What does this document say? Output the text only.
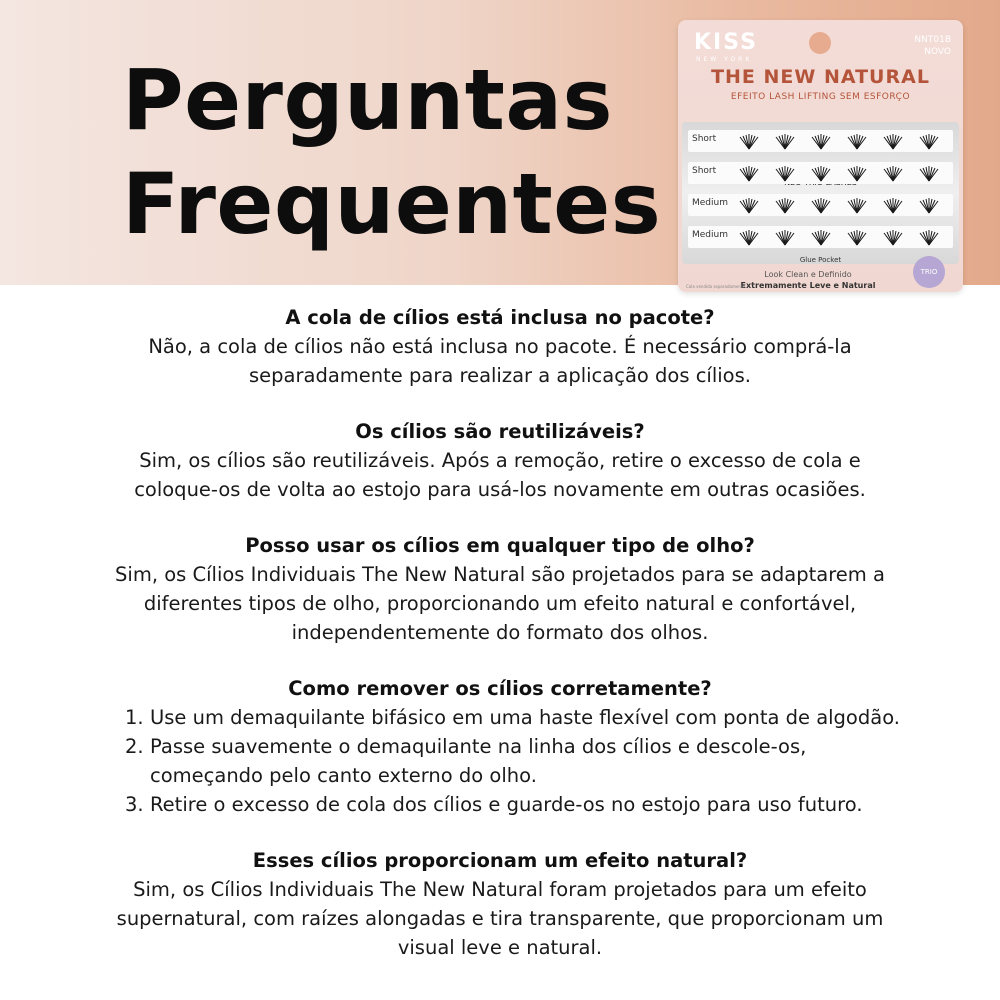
Perguntas
Frequentes
KISS
NEW YORK
NNT01B
NOVO
THE NEW NATURAL
EFEITO LASH LIFTING SEM ESFORÇO
Glue Pocket
Short
Short
Medium
Medium
Look Clean e Definido
Extremamente Leve e Natural
TRIO
Cola vendida separadamente
A cola de cílios está inclusa no pacote?
Não, a cola de cílios não está inclusa no pacote. É necessário comprá-la
separadamente para realizar a aplicação dos cílios.
Os cílios são reutilizáveis?
Sim, os cílios são reutilizáveis. Após a remoção, retire o excesso de cola e
coloque-os de volta ao estojo para usá-los novamente em outras ocasiões.
Posso usar os cílios em qualquer tipo de olho?
Sim, os Cílios Individuais The New Natural são projetados para se adaptarem a
diferentes tipos de olho, proporcionando um efeito natural e confortável,
independentemente do formato dos olhos.
Como remover os cílios corretamente?
1. Use um demaquilante bifásico em uma haste flexível com ponta de algodão.
2. Passe suavemente o demaquilante na linha dos cílios e descole-os,
começando pelo canto externo do olho.
3. Retire o excesso de cola dos cílios e guarde-os no estojo para uso futuro.
Esses cílios proporcionam um efeito natural?
Sim, os Cílios Individuais The New Natural foram projetados para um efeito
supernatural, com raízes alongadas e tira transparente, que proporcionam um
visual leve e natural.
